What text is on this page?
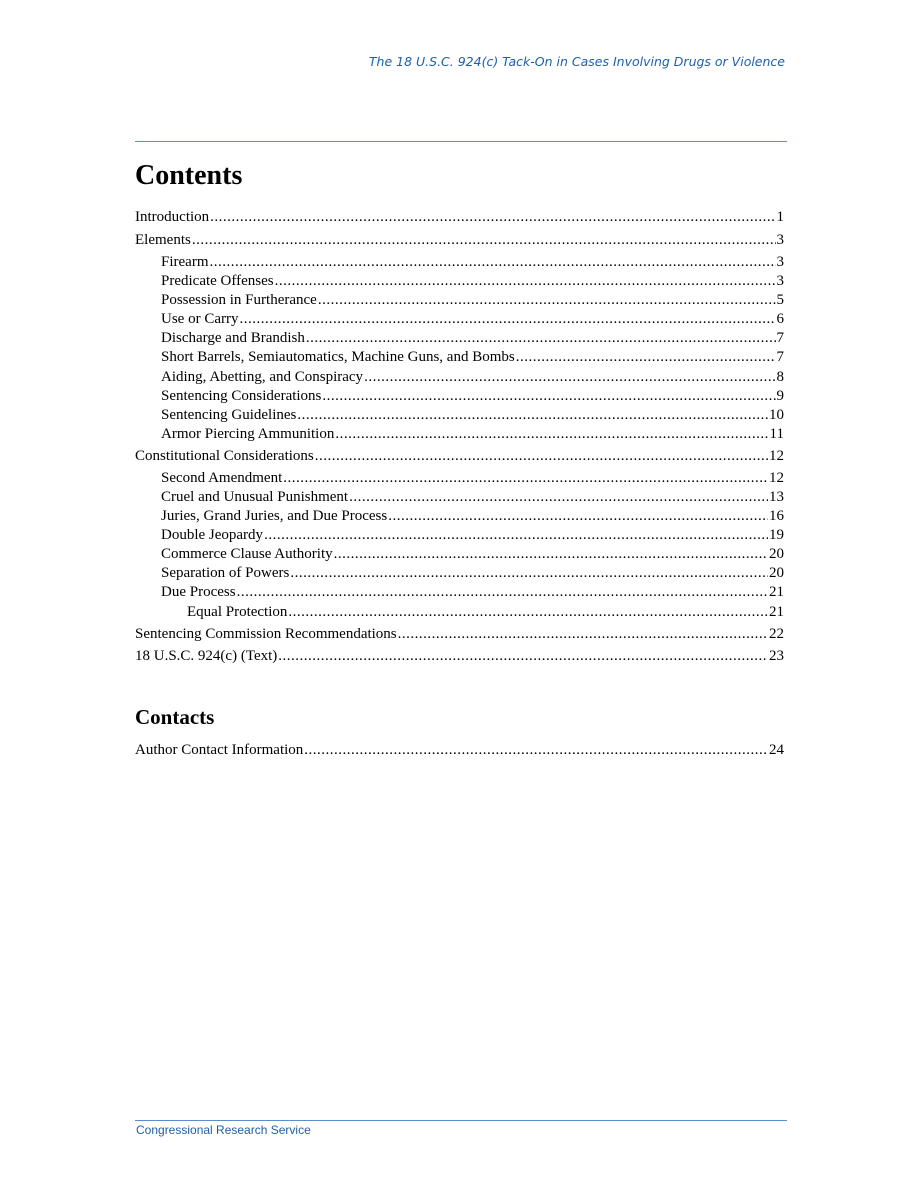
The 18 U.S.C. 924(c) Tack-On in Cases Involving Drugs or Violence
Contents
Introduction .....	1
Elements .....	3
Firearm .....	3
Predicate Offenses .....	3
Possession in Furtherance .....	5
Use or Carry .....	6
Discharge and Brandish .....	7
Short Barrels, Semiautomatics, Machine Guns, and Bombs .....	7
Aiding, Abetting, and Conspiracy .....	8
Sentencing Considerations .....	9
Sentencing Guidelines .....	10
Armor Piercing Ammunition .....	11
Constitutional Considerations .....	12
Second Amendment .....	12
Cruel and Unusual Punishment .....	13
Juries, Grand Juries, and Due Process .....	16
Double Jeopardy .....	19
Commerce Clause Authority .....	20
Separation of Powers .....	20
Due Process .....	21
Equal Protection .....	21
Sentencing Commission Recommendations .....	22
18 U.S.C. 924(c) (Text) .....	23
Contacts
Author Contact Information .....	24
Congressional Research Service
